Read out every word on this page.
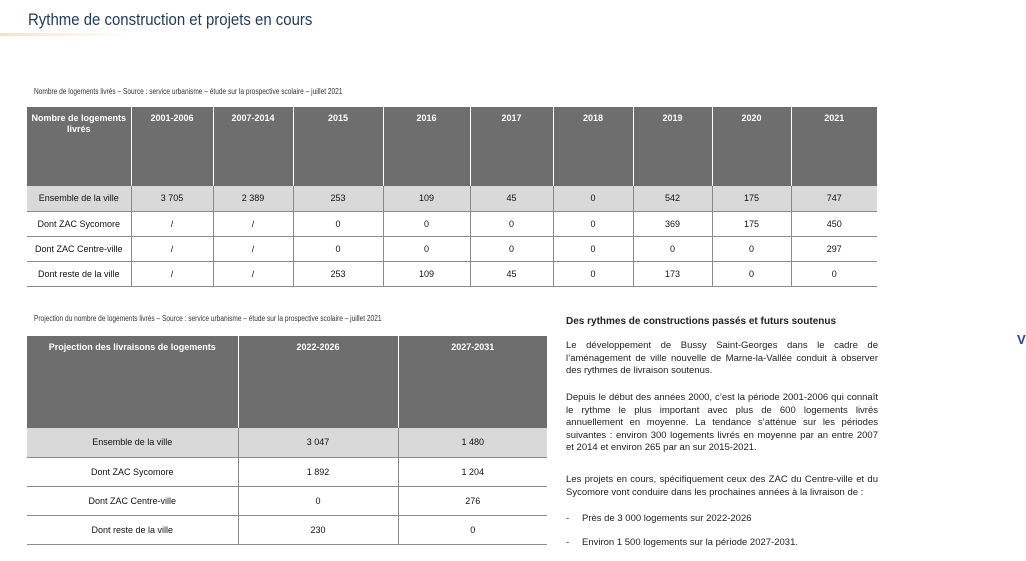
Rythme de construction et projets en cours
Nombre de logements livrés – Source : service urbanisme – étude sur la prospective scolaire – juillet 2021
Nombre de logements livrés	2001-2006	2007-2014	2015	2016	2017	2018	2019	2020	2021
Ensemble de la ville	3 705	2 389	253	109	45	0	542	175	747
Dont ZAC Sycomore	/	/	0	0	0	0	369	175	450
Dont ZAC Centre-ville	/	/	0	0	0	0	0	0	297
Dont reste de la ville	/	/	253	109	45	0	173	0	0
Projection du nombre de logements livrés – Source : service urbanisme – étude sur la prospective scolaire – juillet 2021
Projection des livraisons de logements	2022-2026	2027-2031
Ensemble de la ville	3 047	1 480
Dont ZAC Sycomore	1 892	1 204
Dont ZAC Centre-ville	0	276
Dont reste de la ville	230	0
Des rythmes de constructions passés et futurs soutenus
Le développement de Bussy Saint-Georges dans le cadre de l’aménagement de ville nouvelle de Marne-la-Vallée conduit à observer des rythmes de livraison soutenus.
Depuis le début des années 2000, c’est la période 2001-2006 qui connaît le rythme le plus important avec plus de 600 logements livrés annuellement en moyenne. La tendance s’atténue sur les périodes suivantes : environ 300 logements livrés en moyenne par an entre 2007 et 2014 et environ 265 par an sur 2015-2021.
Les projets en cours, spécifiquement ceux des ZAC du Centre-ville et du Sycomore vont conduire dans les prochaines années à la livraison de :
- Près de 3 000 logements sur 2022-2026
- Environ 1 500 logements sur la période 2027-2031.
V
